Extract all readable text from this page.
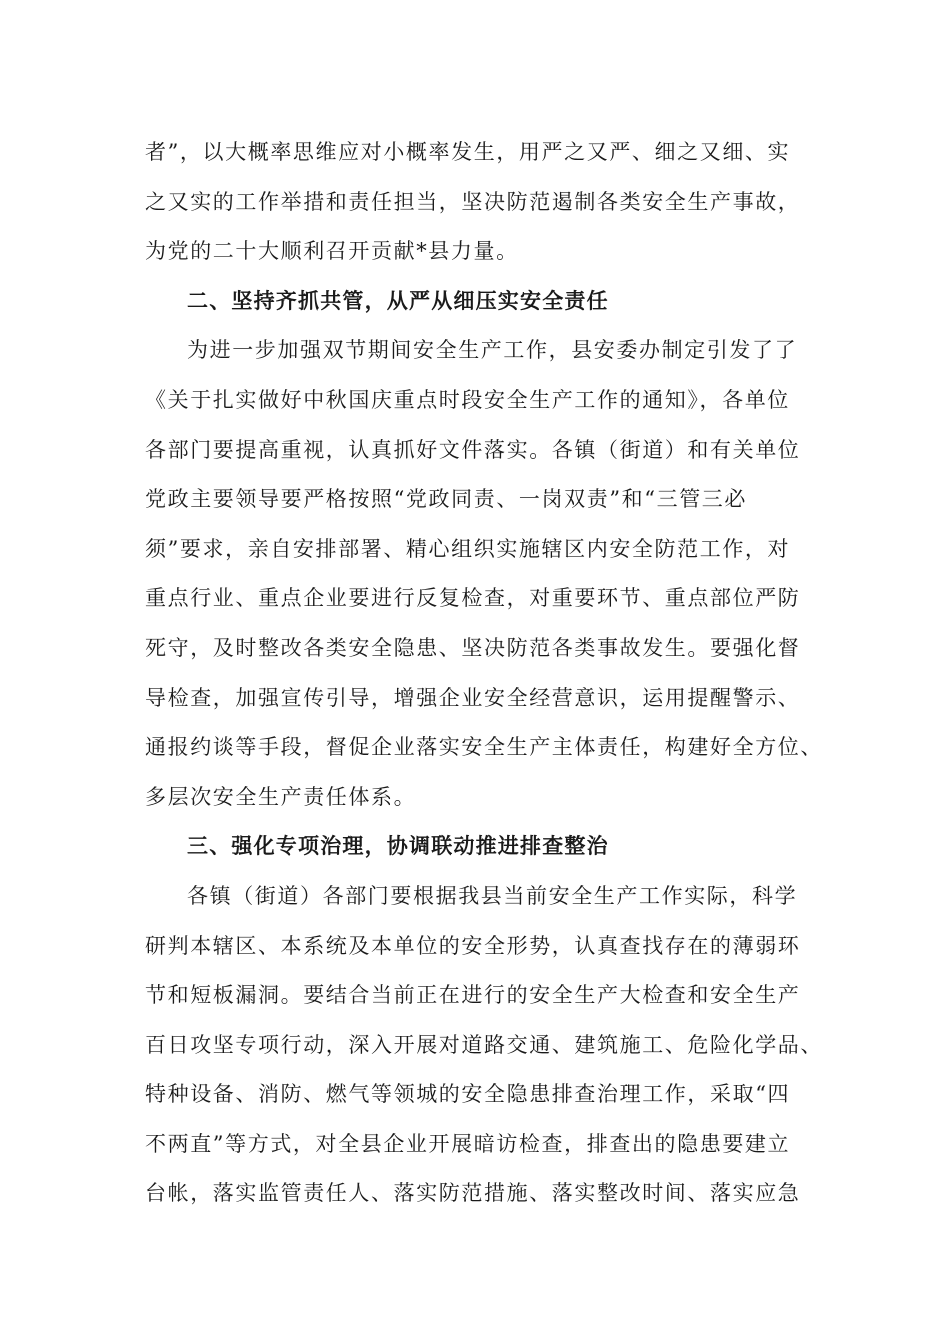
者”，以大概率思维应对小概率发生，用严之又严、细之又细、实
之又实的工作举措和责任担当，坚决防范遏制各类安全生产事故，
为党的二十大顺利召开贡献*县力量。
二、坚持齐抓共管，从严从细压实安全责任
为进一步加强双节期间安全生产工作，县安委办制定引发了了
《关于扎实做好中秋国庆重点时段安全生产工作的通知》，各单位
各部门要提高重视，认真抓好文件落实。各镇（街道）和有关单位
党政主要领导要严格按照“党政同责、一岗双责”和“三管三必
须”要求，亲自安排部署、精心组织实施辖区内安全防范工作，对
重点行业、重点企业要进行反复检查，对重要环节、重点部位严防
死守，及时整改各类安全隐患、坚决防范各类事故发生。要强化督
导检查，加强宣传引导，增强企业安全经营意识，运用提醒警示、
通报约谈等手段，督促企业落实安全生产主体责任，构建好全方位、
多层次安全生产责任体系。
三、强化专项治理，协调联动推进排查整治
各镇（街道）各部门要根据我县当前安全生产工作实际，科学
研判本辖区、本系统及本单位的安全形势，认真查找存在的薄弱环
节和短板漏洞。要结合当前正在进行的安全生产大检查和安全生产
百日攻坚专项行动，深入开展对道路交通、建筑施工、危险化学品、
特种设备、消防、燃气等领城的安全隐患排查治理工作，采取“四
不两直”等方式，对全县企业开展暗访检查，排查出的隐患要建立
台帐，落实监管责任人、落实防范措施、落实整改时间、落实应急
